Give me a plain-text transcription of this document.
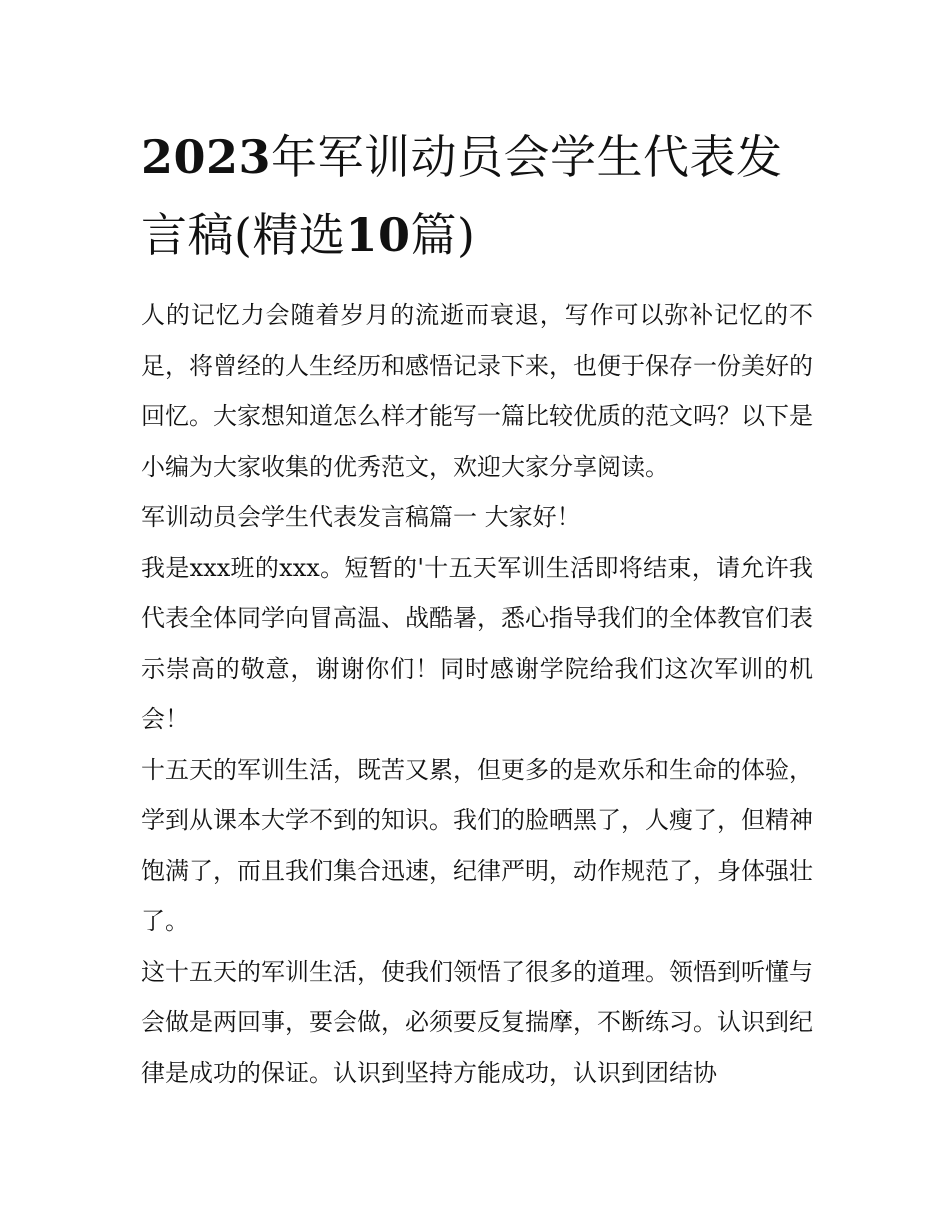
2023年军训动员会学生代表发言稿(精选10篇)

人的记忆力会随着岁月的流逝而衰退，写作可以弥补记忆的不足，将曾经的人生经历和感悟记录下来，也便于保存一份美好的回忆。大家想知道怎么样才能写一篇比较优质的范文吗？以下是小编为大家收集的优秀范文，欢迎大家分享阅读。

军训动员会学生代表发言稿篇一 大家好！

我是xxx班的xxx。短暂的'十五天军训生活即将结束，请允许我代表全体同学向冒高温、战酷暑，悉心指导我们的全体教官们表示崇高的敬意，谢谢你们！同时感谢学院给我们这次军训的机会！

十五天的军训生活，既苦又累，但更多的是欢乐和生命的体验，学到从课本大学不到的知识。我们的脸晒黑了，人瘦了，但精神饱满了，而且我们集合迅速，纪律严明，动作规范了，身体强壮了。

这十五天的军训生活，使我们领悟了很多的道理。领悟到听懂与会做是两回事，要会做，必须要反复揣摩，不断练习。认识到纪律是成功的保证。认识到坚持方能成功，认识到团结协
